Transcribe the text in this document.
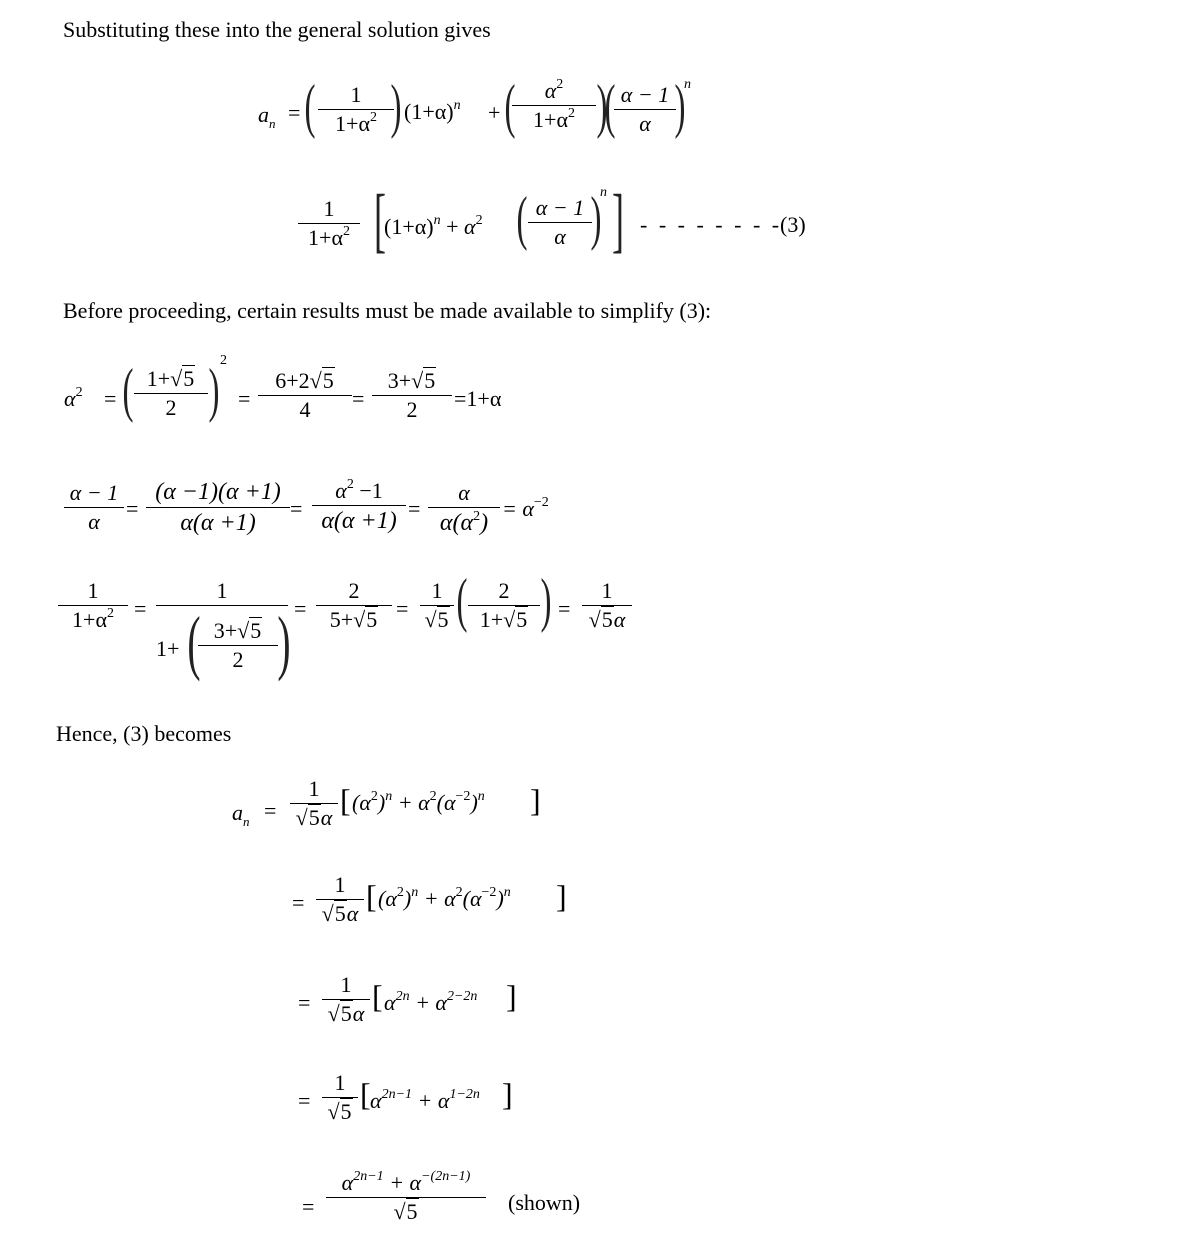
Substituting these into the general solution gives
$a_n$ = (	1
$1+\alpha^2$ ) $(1+\alpha)^n$ + (	$\alpha^2$
$1+\alpha^2$ )
( α − 1
α )
n
1
$1+\alpha^2$ [
$(1+\alpha)^n + \alpha^2$ ( α − 1
α )
n ] - - - - - - - -
(3)
Before proceeding, certain results must be made available to simplify (3):
$\alpha^2$ = ( 1+√5
2 ) 2
=
6+2√5
4	=
3+√5
2	=1+α
α − 1
α
=
(α −1)(α +1)
α(α +1)
=
$\alpha^2 -1$
α(α +1) =
α
$\alpha(\alpha^2)$
= $\alpha^{-2}$
1
$1+\alpha^2$ =
1
1+ ( 3+√5
2 ) =
2
5+√5 =
1
√5 (	2
1+√5 ) =
1
√5α
Hence, (3) becomes
$a_n$ =
1
√5α [ $(\alpha^2)^n + \alpha^2(\alpha^{-2})^n$ ]
=
1
√5α [ $(\alpha^2)^n + \alpha^2(\alpha^{-2})^n$ ]
=
1
√5α [ $\alpha^{2n} + \alpha^{2-2n}$ ]
=
1
√5 [ $\alpha^{2n-1} + \alpha^{1-2n}$ ]
=
$\alpha^{2n-1} + \alpha^{-(2n-1)}$
√5	(shown)
